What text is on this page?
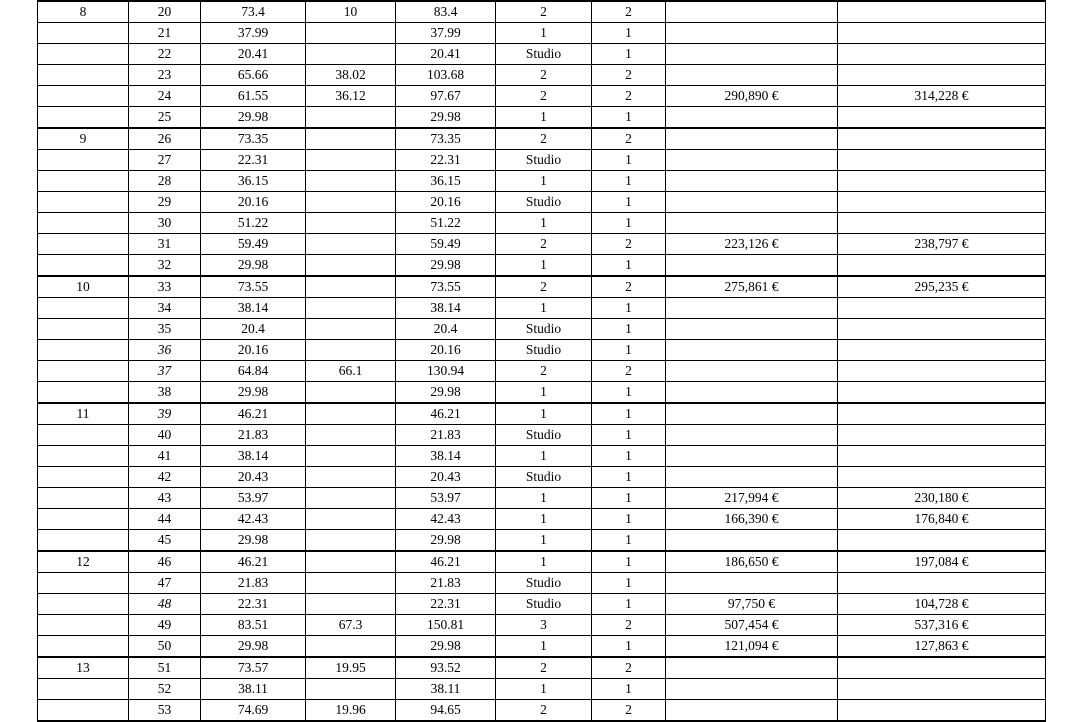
8	20	73.4	10	83.4	2	2		
	21	37.99		37.99	1	1		
	22	20.41		20.41	Studio	1		
	23	65.66	38.02	103.68	2	2		
	24	61.55	36.12	97.67	2	2	290,890 €	314,228 €
	25	29.98		29.98	1	1		
9	26	73.35		73.35	2	2		
	27	22.31		22.31	Studio	1		
	28	36.15		36.15	1	1		
	29	20.16		20.16	Studio	1		
	30	51.22		51.22	1	1		
	31	59.49		59.49	2	2	223,126 €	238,797 €
	32	29.98		29.98	1	1		
10	33	73.55		73.55	2	2	275,861 €	295,235 €
	34	38.14		38.14	1	1		
	35	20.4		20.4	Studio	1		
	36	20.16		20.16	Studio	1		
	37	64.84	66.1	130.94	2	2		
	38	29.98		29.98	1	1		
11	39	46.21		46.21	1	1		
	40	21.83		21.83	Studio	1		
	41	38.14		38.14	1	1		
	42	20.43		20.43	Studio	1		
	43	53.97		53.97	1	1	217,994 €	230,180 €
	44	42.43		42.43	1	1	166,390 €	176,840 €
	45	29.98		29.98	1	1		
12	46	46.21		46.21	1	1	186,650 €	197,084 €
	47	21.83		21.83	Studio	1		
	48	22.31		22.31	Studio	1	97,750 €	104,728 €
	49	83.51	67.3	150.81	3	2	507,454 €	537,316 €
	50	29.98		29.98	1	1	121,094 €	127,863 €
13	51	73.57	19.95	93.52	2	2		
	52	38.11		38.11	1	1		
	53	74.69	19.96	94.65	2	2		
